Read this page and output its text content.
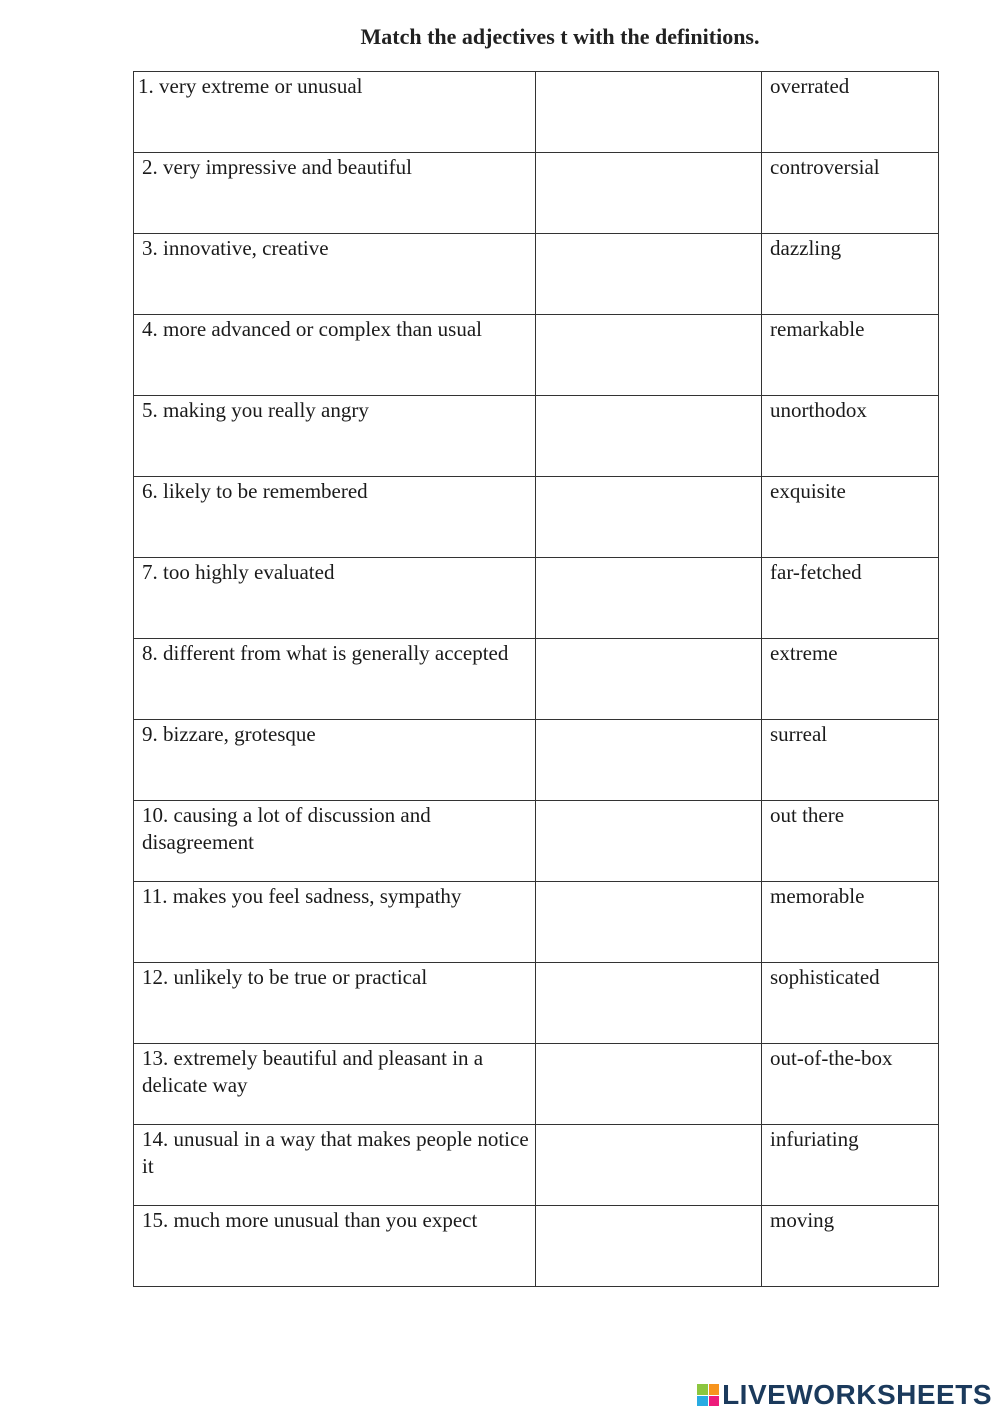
Match the adjectives t with the definitions.
1. very extreme or unusual		overrated

2. very impressive and beautiful		controversial

3. innovative, creative		dazzling

4. more advanced or complex than usual		remarkable

5. making you really angry		unorthodox

6. likely to be remembered		exquisite

7. too highly evaluated		far-fetched

8. different from what is generally accepted		extreme

9. bizzare, grotesque		surreal

10. causing a lot of discussion and disagreement		out there

11. makes you feel sadness, sympathy		memorable

12. unlikely to be true or practical		sophisticated

13. extremely beautiful and pleasant in a delicate way		out-of-the-box

14. unusual in a way that makes people notice it		infuriating

15. much more unusual than you expect		moving
LIVEWORKSHEETS
